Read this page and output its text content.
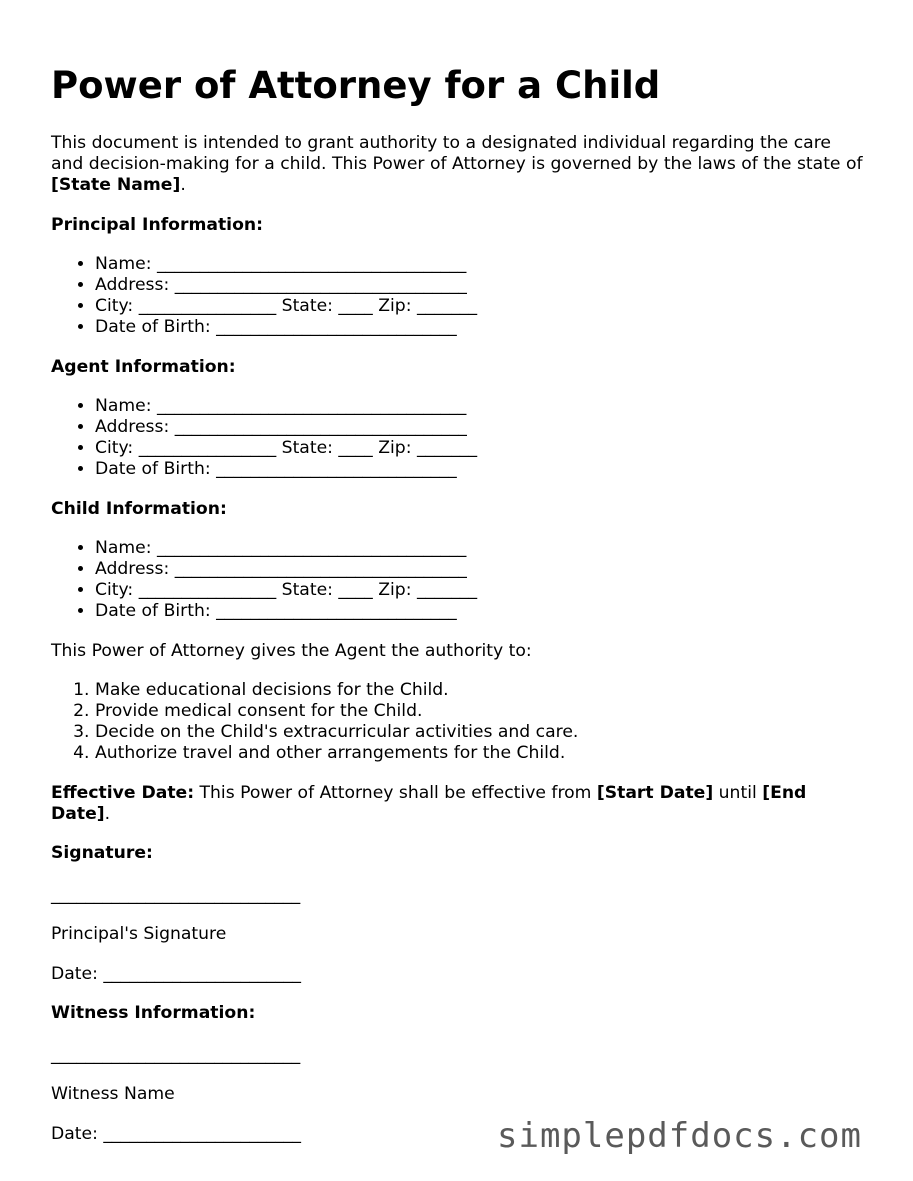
Power of Attorney for a Child

This document is intended to grant authority to a designated individual regarding the care and decision-making for a child. This Power of Attorney is governed by the laws of the state of [State Name].

Principal Information:

• Name: ____________________________________
• Address: __________________________________
• City: ________________ State: ____ Zip: _______
• Date of Birth: ____________________________

Agent Information:

• Name: ____________________________________
• Address: __________________________________
• City: ________________ State: ____ Zip: _______
• Date of Birth: ____________________________

Child Information:

• Name: ____________________________________
• Address: __________________________________
• City: ________________ State: ____ Zip: _______
• Date of Birth: ____________________________

This Power of Attorney gives the Agent the authority to:

1. Make educational decisions for the Child.
2. Provide medical consent for the Child.
3. Decide on the Child's extracurricular activities and care.
4. Authorize travel and other arrangements for the Child.

Effective Date: This Power of Attorney shall be effective from [Start Date] until [End Date].

Signature:

_____________________________

Principal's Signature

Date: _______________________

Witness Information:

_____________________________

Witness Name

Date: _______________________	simplepdfdocs.com
